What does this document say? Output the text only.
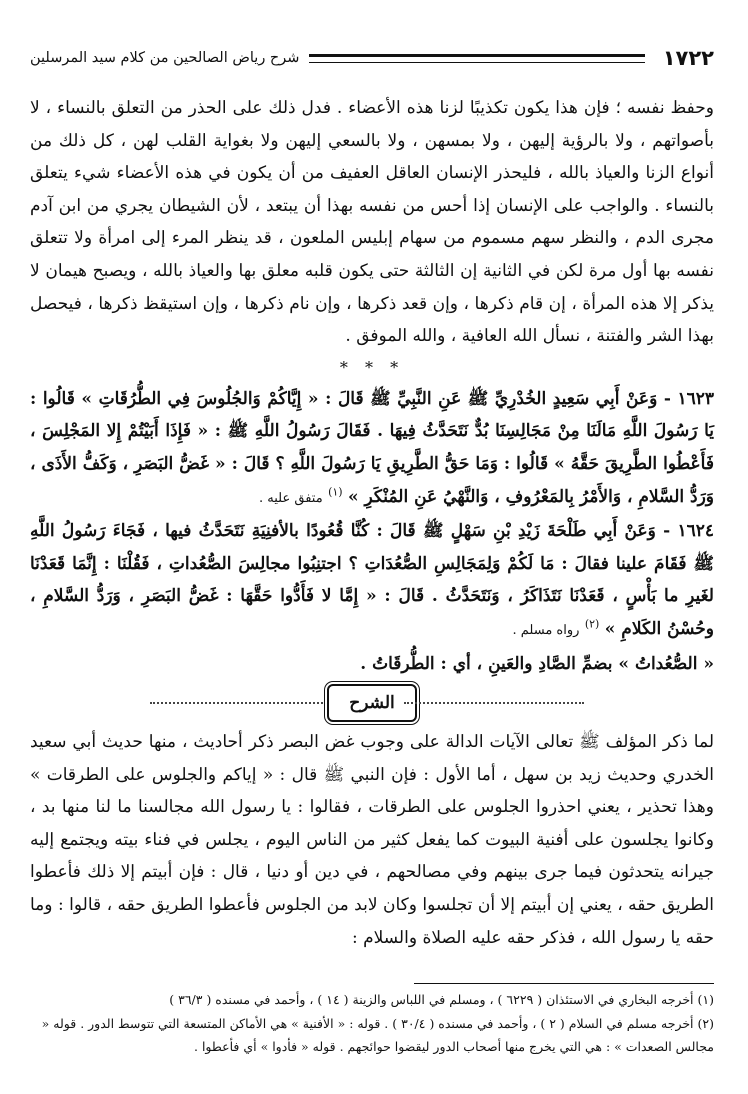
١٧٢٢
شرح رياض الصالحين من كلام سيد المرسلين

وحفظ نفسه ؛ فإن هذا يكون تكذيبًا لزنا هذه الأعضاء . فدل ذلك على الحذر من التعلق بالنساء ، لا بأصواتهم ، ولا بالرؤية إليهن ، ولا بمسهن ، ولا بالسعي إليهن ولا بغواية القلب لهن ، كل ذلك من أنواع الزنا والعياذ بالله ، فليحذر الإنسان العاقل العفيف من أن يكون في هذه الأعضاء شيء يتعلق بالنساء . والواجب على الإنسان إذا أحس من نفسه بهذا أن يبتعد ، لأن الشيطان يجري من ابن آدم مجرى الدم ، والنظر سهم مسموم من سهام إبليس الملعون ، قد ينظر المرء إلى امرأة ولا تتعلق نفسه بها أول مرة لكن في الثانية إن الثالثة حتى يكون قلبه معلق بها والعياذ بالله ، ويصبح هيمان لا يذكر إلا هذه المرأة ، إن قام ذكرها ، وإن قعد ذكرها ، وإن نام ذكرها ، وإن استيقظ ذكرها ، فيحصل بهذا الشر والفتنة ، نسأل الله العافية ، والله الموفق .

* * *

١٦٢٣ - وَعَنْ أَبِي سَعِيدٍ الخُدْرِيِّ ﷺ عَنِ النَّبِيِّ ﷺ قَالَ : « إِيَّاكُمْ وَالجُلُوسَ فِي الطُّرُقَاتِ » قَالُوا : يَا رَسُولَ اللَّهِ مَالَنَا مِنْ مَجَالِسِنَا بُدٌّ نَتَحَدَّثُ فِيهَا . فَقَالَ رَسُولُ اللَّهِ ﷺ : « فَإِذَا أَبَيْتُمْ إِلا المَجْلِسَ ، فَأَعْطُوا الطَّرِيقَ حَقَّهُ » قَالُوا : وَمَا حَقُّ الطَّرِيقِ يَا رَسُولَ اللَّهِ ؟ قَالَ : « غَضُّ البَصَرِ ، وَكَفُّ الأَذَى ، وَرَدُّ السَّلامِ ، وَالأَمْرُ بِالمَعْرُوفِ ، وَالنَّهْيُ عَنِ المُنْكَرِ » $^{(١)}$ متفق عليه .

١٦٢٤ - وَعَنْ أَبِي طَلْحَةَ زَيْدِ بْنِ سَهْلٍ ﷺ قَالَ : كُنَّا قُعُودًا بالأفنِيَةِ نَتَحَدَّثُ فيها ، فَجَاءَ رَسُولُ اللَّهِ ﷺ فَقَامَ علينا فقالَ : مَا لَكُمْ وَلِمَجَالِسِ الصُّعُدَاتِ ؟ اجتنِبُوا مجالِسَ الصُّعُداتِ ، فَقُلْنَا : إِنَّمَا قَعَدْنَا لغَيرِ ما بَأْسٍ ، قَعَدْنَا نَتَذَاكَرُ ، وَنَتَحَدَّثُ . قَالَ : « إِمَّا لا فَأَدُّوا حَقَّهَا : غَضُّ البَصَرِ ، وَرَدُّ السَّلامِ ، وحُسْنُ الكَلامِ » $^{(٢)}$ رواه مسلم .

« الصُّعُداتُ » بضمِّ الصَّادِ والعَينِ ، أي : الطُّرقَاتُ .

الشرح

لما ذكر المؤلف ﷺ تعالى الآيات الدالة على وجوب غض البصر ذكر أحاديث ، منها حديث أبي سعيد الخدري وحديث زيد بن سهل ، أما الأول : فإن النبي ﷺ قال : « إياكم والجلوس على الطرقات » وهذا تحذير ، يعني احذروا الجلوس على الطرقات ، فقالوا : يا رسول الله مجالسنا ما لنا منها بد ، وكانوا يجلسون على أفنية البيوت كما يفعل كثير من الناس اليوم ، يجلس في فناء بيته ويجتمع إليه جيرانه يتحدثون فيما جرى بينهم وفي مصالحهم ، في دين أو دنيا ، قال : فإن أبيتم إلا ذلك فأعطوا الطريق حقه ، يعني إن أبيتم إلا أن تجلسوا وكان لابد من الجلوس فأعطوا الطريق حقه ، قالوا : وما حقه يا رسول الله ، فذكر حقه عليه الصلاة والسلام :

(١) أخرجه البخاري في الاستئذان ( ٦٢٢٩ ) ، ومسلم في اللباس والزينة ( ١٤ ) ، وأحمد في مسنده ( ٣٦/٣ )

(٢) أخرجه مسلم في السلام ( ٢ ) ، وأحمد في مسنده ( ٣٠/٤ ) . قوله : « الأفنية » هي الأماكن المتسعة التي تتوسط الدور . قوله « مجالس الصعدات » : هي التي يخرج منها أصحاب الدور ليقضوا حوائجهم . قوله « فأدوا » أي فأعطوا .
